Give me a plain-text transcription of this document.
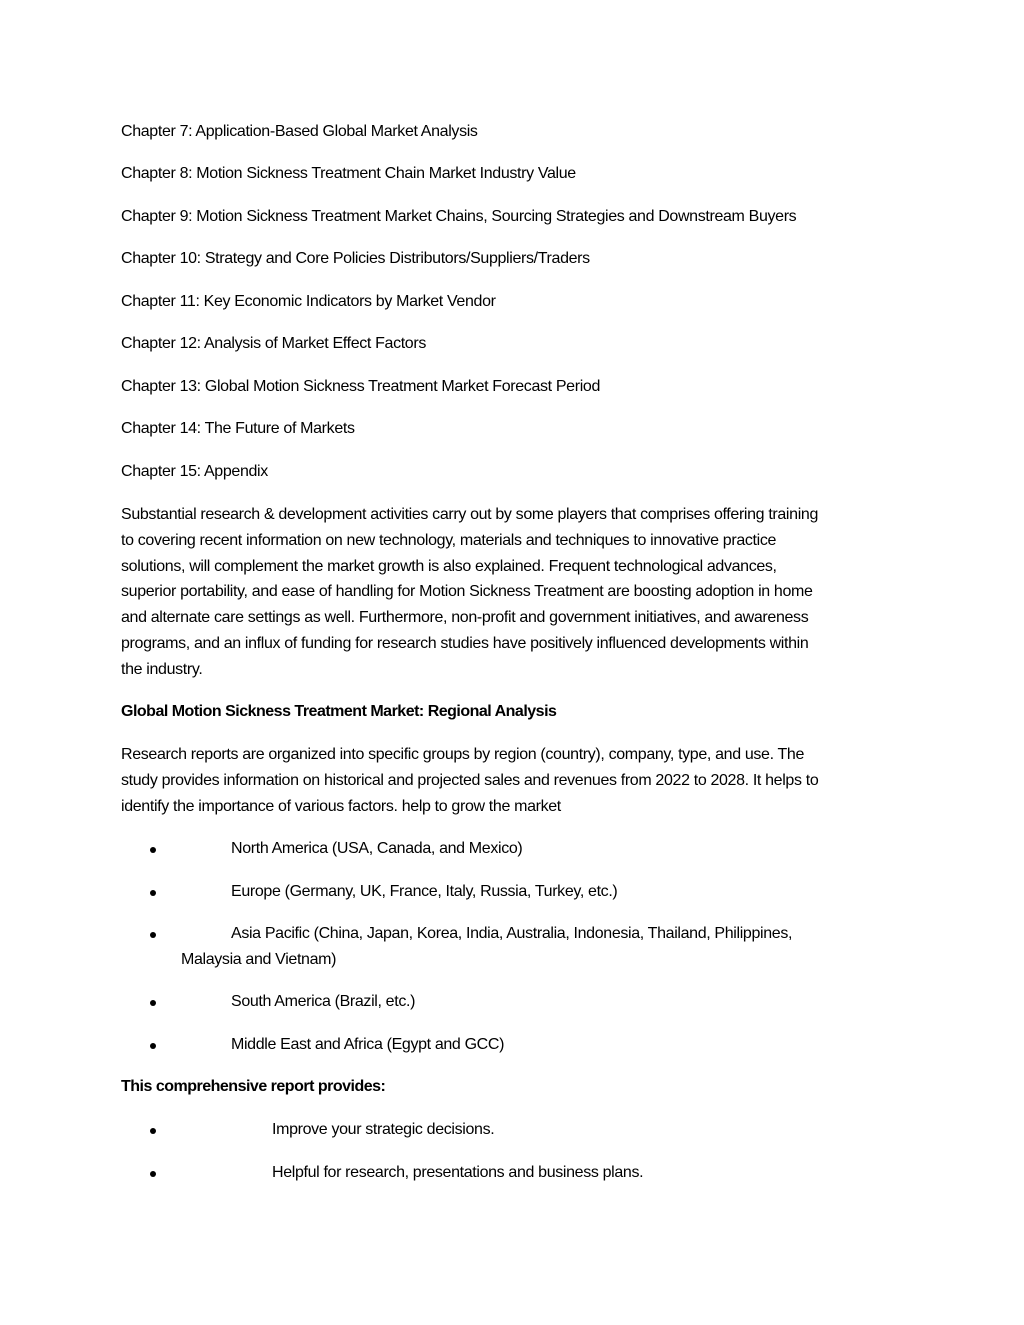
Chapter 7: Application-Based Global Market Analysis
Chapter 8: Motion Sickness Treatment Chain Market Industry Value
Chapter 9: Motion Sickness Treatment Market Chains, Sourcing Strategies and Downstream Buyers
Chapter 10: Strategy and Core Policies Distributors/Suppliers/Traders
Chapter 11: Key Economic Indicators by Market Vendor
Chapter 12: Analysis of Market Effect Factors
Chapter 13: Global Motion Sickness Treatment Market Forecast Period
Chapter 14: The Future of Markets
Chapter 15: Appendix
Substantial research & development activities carry out by some players that comprises offering training
to covering recent information on new technology, materials and techniques to innovative practice
solutions, will complement the market growth is also explained. Frequent technological advances,
superior portability, and ease of handling for Motion Sickness Treatment are boosting adoption in home
and alternate care settings as well. Furthermore, non-profit and government initiatives, and awareness
programs, and an influx of funding for research studies have positively influenced developments within
the industry.
Global Motion Sickness Treatment Market: Regional Analysis
Research reports are organized into specific groups by region (country), company, type, and use. The
study provides information on historical and projected sales and revenues from 2022 to 2028. It helps to
identify the importance of various factors. help to grow the market
North America (USA, Canada, and Mexico)
Europe (Germany, UK, France, Italy, Russia, Turkey, etc.)
Asia Pacific (China, Japan, Korea, India, Australia, Indonesia, Thailand, Philippines,
Malaysia and Vietnam)
South America (Brazil, etc.)
Middle East and Africa (Egypt and GCC)
This comprehensive report provides:
Improve your strategic decisions.
Helpful for research, presentations and business plans.
